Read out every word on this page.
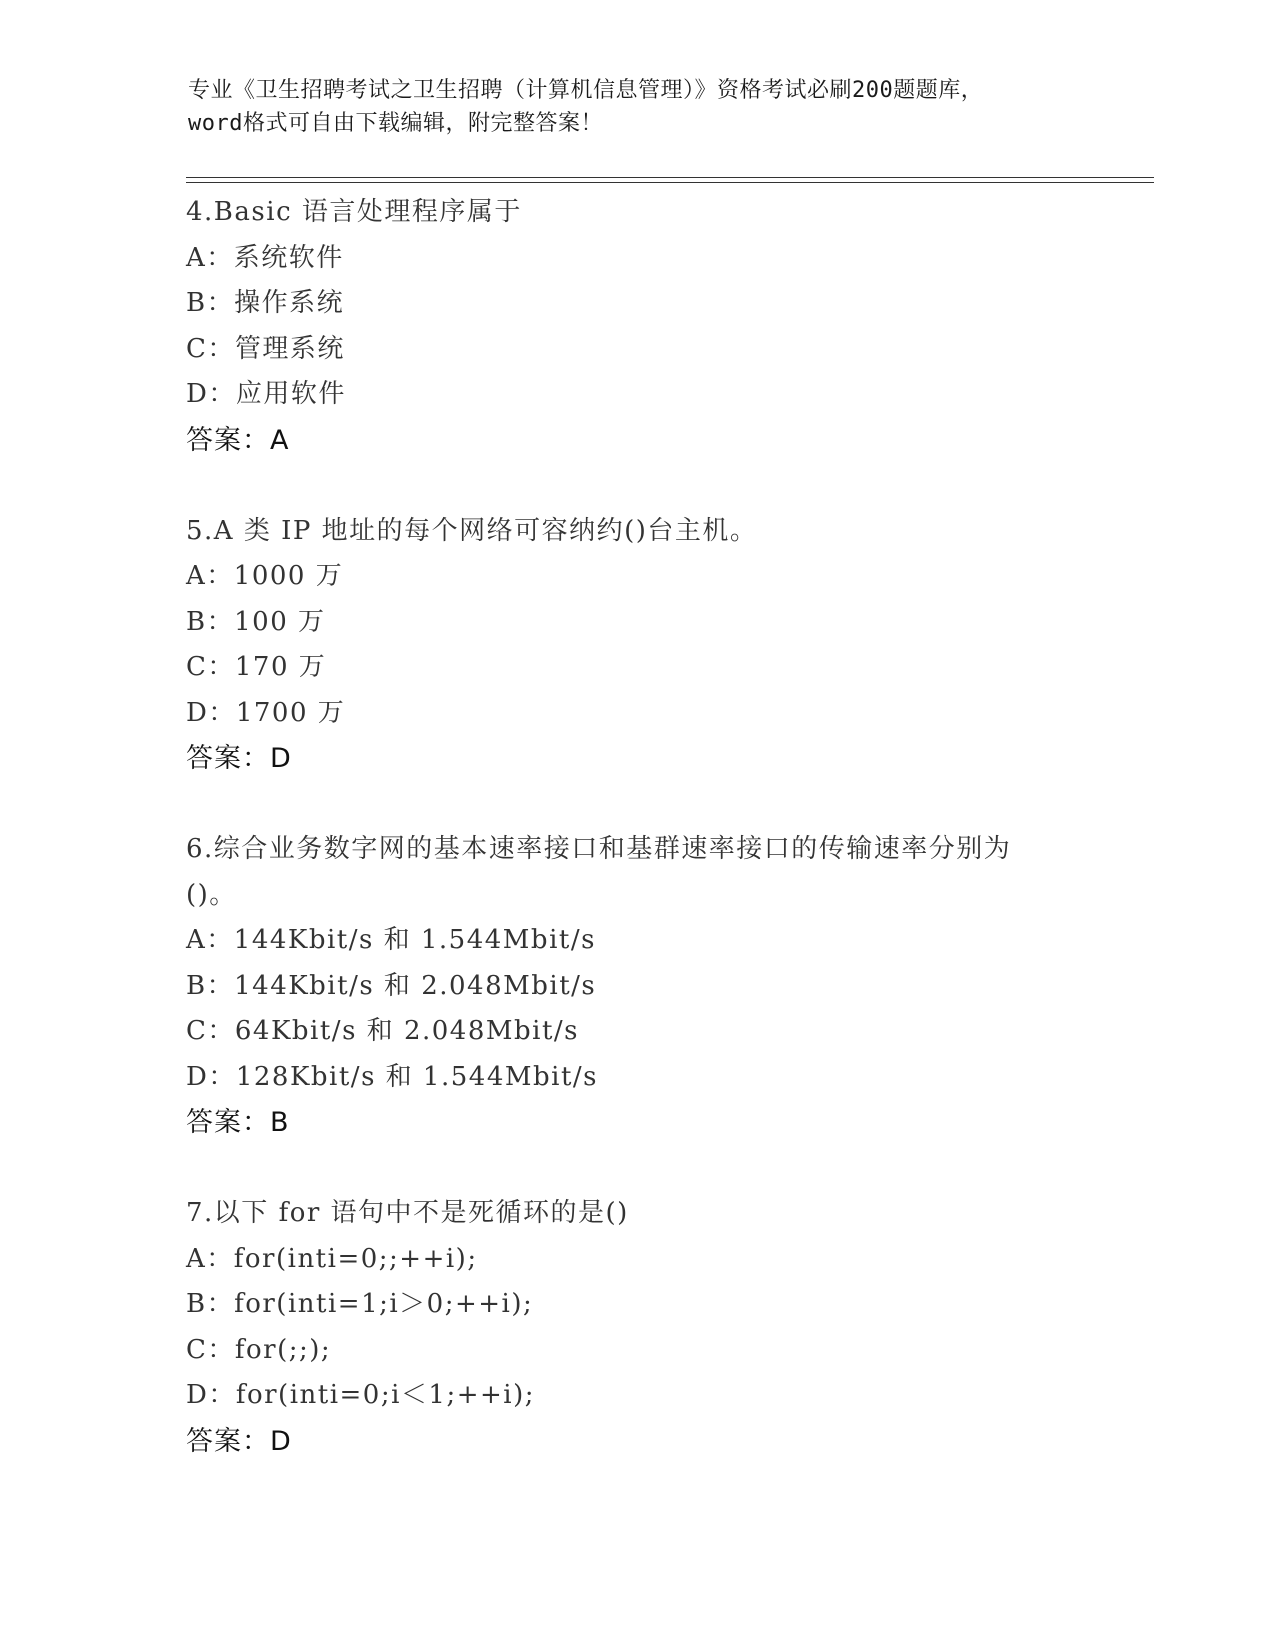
专业《卫生招聘考试之卫生招聘（计算机信息管理）》资格考试必刷200题题库，
word格式可自由下载编辑，附完整答案！
4.Basic 语言处理程序属于
A：系统软件
B：操作系统
C：管理系统
D：应用软件
答案：A
5.A 类 IP 地址的每个网络可容纳约()台主机。
A：1000 万
B：100 万
C：170 万
D：1700 万
答案：D
6.综合业务数字网的基本速率接口和基群速率接口的传输速率分别为
()。
A：144Kbit/s 和 1.544Mbit/s
B：144Kbit/s 和 2.048Mbit/s
C：64Kbit/s 和 2.048Mbit/s
D：128Kbit/s 和 1.544Mbit/s
答案：B
7.以下 for 语句中不是死循环的是()
A：for(inti=0;;++i);
B：for(inti=1;i＞0;++i);
C：for(;;);
D：for(inti=0;i＜1;++i);
答案：D
